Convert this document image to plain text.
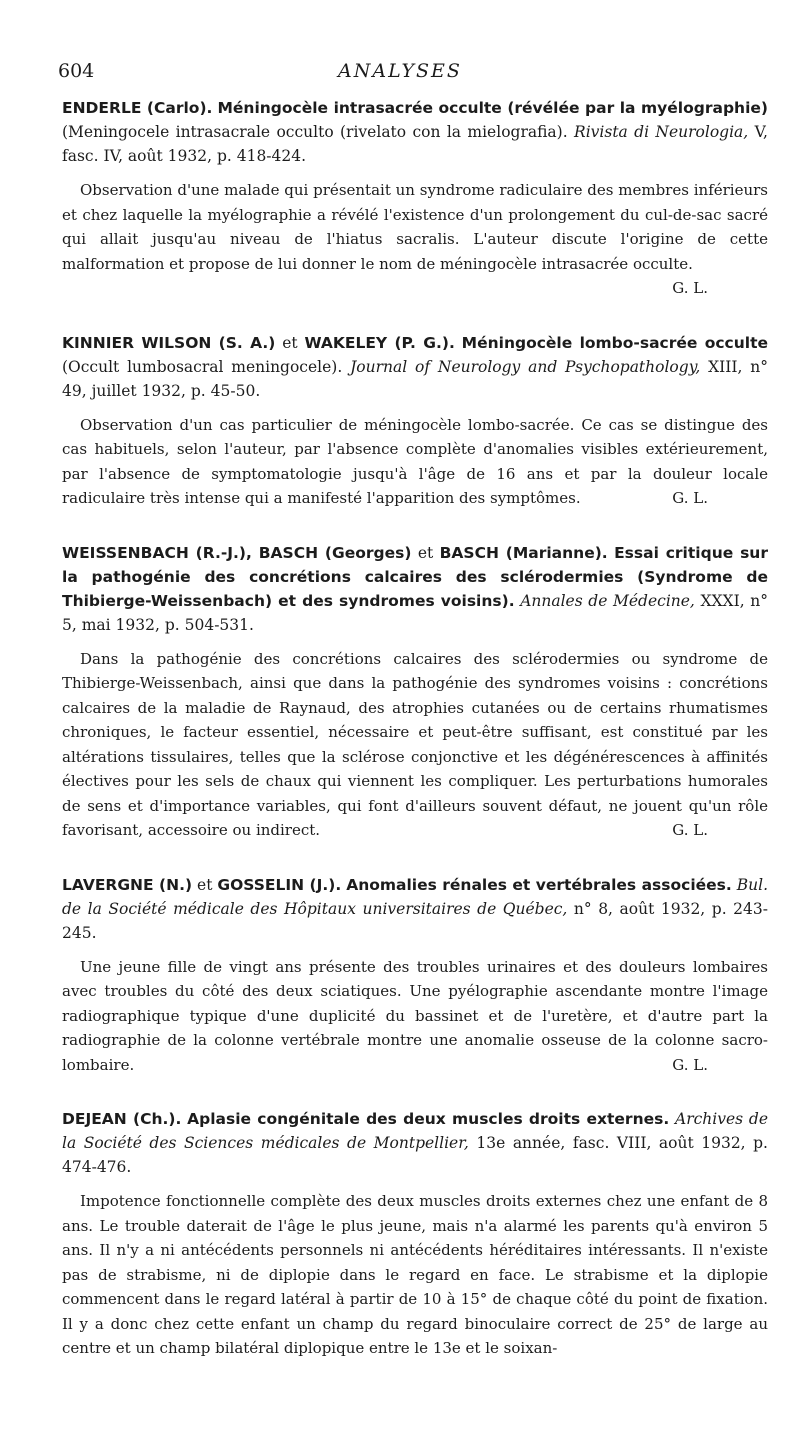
604	ANALYSES

ENDERLE (Carlo). Méningocèle intrasacrée occulte (révélée par la myélographie) (Meningocele intrasacrale occulto (rivelato con la mielografia). Rivista di Neurologia, V, fasc. IV, août 1932, p. 418-424.

Observation d'une malade qui présentait un syndrome radiculaire des membres inférieurs et chez laquelle la myélographie a révélé l'existence d'un prolongement du cul-de-sac sacré qui allait jusqu'au niveau de l'hiatus sacralis. L'auteur discute l'origine de cette malformation et propose de lui donner le nom de méningocèle intrasacrée occulte.
G. L.

KINNIER WILSON (S. A.) et WAKELEY (P. G.). Méningocèle lombo-sacrée occulte (Occult lumbosacral meningocele). Journal of Neurology and Psychopathology, XIII, n° 49, juillet 1932, p. 45-50.

Observation d'un cas particulier de méningocèle lombo-sacrée. Ce cas se distingue des cas habituels, selon l'auteur, par l'absence complète d'anomalies visibles extérieurement, par l'absence de symptomatologie jusqu'à l'âge de 16 ans et par la douleur locale radiculaire très intense qui a manifesté l'apparition des symptômes.	G. L.

WEISSENBACH (R.-J.), BASCH (Georges) et BASCH (Marianne). Essai critique sur la pathogénie des concrétions calcaires des sclérodermies (Syndrome de Thibierge-Weissenbach) et des syndromes voisins). Annales de Médecine, XXXI, n° 5, mai 1932, p. 504-531.

Dans la pathogénie des concrétions calcaires des sclérodermies ou syndrome de Thibierge-Weissenbach, ainsi que dans la pathogénie des syndromes voisins : concrétions calcaires de la maladie de Raynaud, des atrophies cutanées ou de certains rhumatismes chroniques, le facteur essentiel, nécessaire et peut-être suffisant, est constitué par les altérations tissulaires, telles que la sclérose conjonctive et les dégénérescences à affinités électives pour les sels de chaux qui viennent les compliquer. Les perturbations humorales de sens et d'importance variables, qui font d'ailleurs souvent défaut, ne jouent qu'un rôle favorisant, accessoire ou indirect.	G. L.

LAVERGNE (N.) et GOSSELIN (J.). Anomalies rénales et vertébrales associées. Bul. de la Société médicale des Hôpitaux universitaires de Québec, n° 8, août 1932, p. 243-245.

Une jeune fille de vingt ans présente des troubles urinaires et des douleurs lombaires avec troubles du côté des deux sciatiques. Une pyélographie ascendante montre l'image radiographique typique d'une duplicité du bassinet et de l'uretère, et d'autre part la radiographie de la colonne vertébrale montre une anomalie osseuse de la colonne sacro-lombaire.	G. L.

DEJEAN (Ch.). Aplasie congénitale des deux muscles droits externes. Archives de la Société des Sciences médicales de Montpellier, 13e année, fasc. VIII, août 1932, p. 474-476.

Impotence fonctionnelle complète des deux muscles droits externes chez une enfant de 8 ans. Le trouble daterait de l'âge le plus jeune, mais n'a alarmé les parents qu'à environ 5 ans. Il n'y a ni antécédents personnels ni antécédents héréditaires intéressants. Il n'existe pas de strabisme, ni de diplopie dans le regard en face. Le strabisme et la diplopie commencent dans le regard latéral à partir de 10 à 15° de chaque côté du point de fixation. Il y a donc chez cette enfant un champ du regard binoculaire correct de 25° de large au centre et un champ bilatéral diplopique entre le 13e et le soixan-
